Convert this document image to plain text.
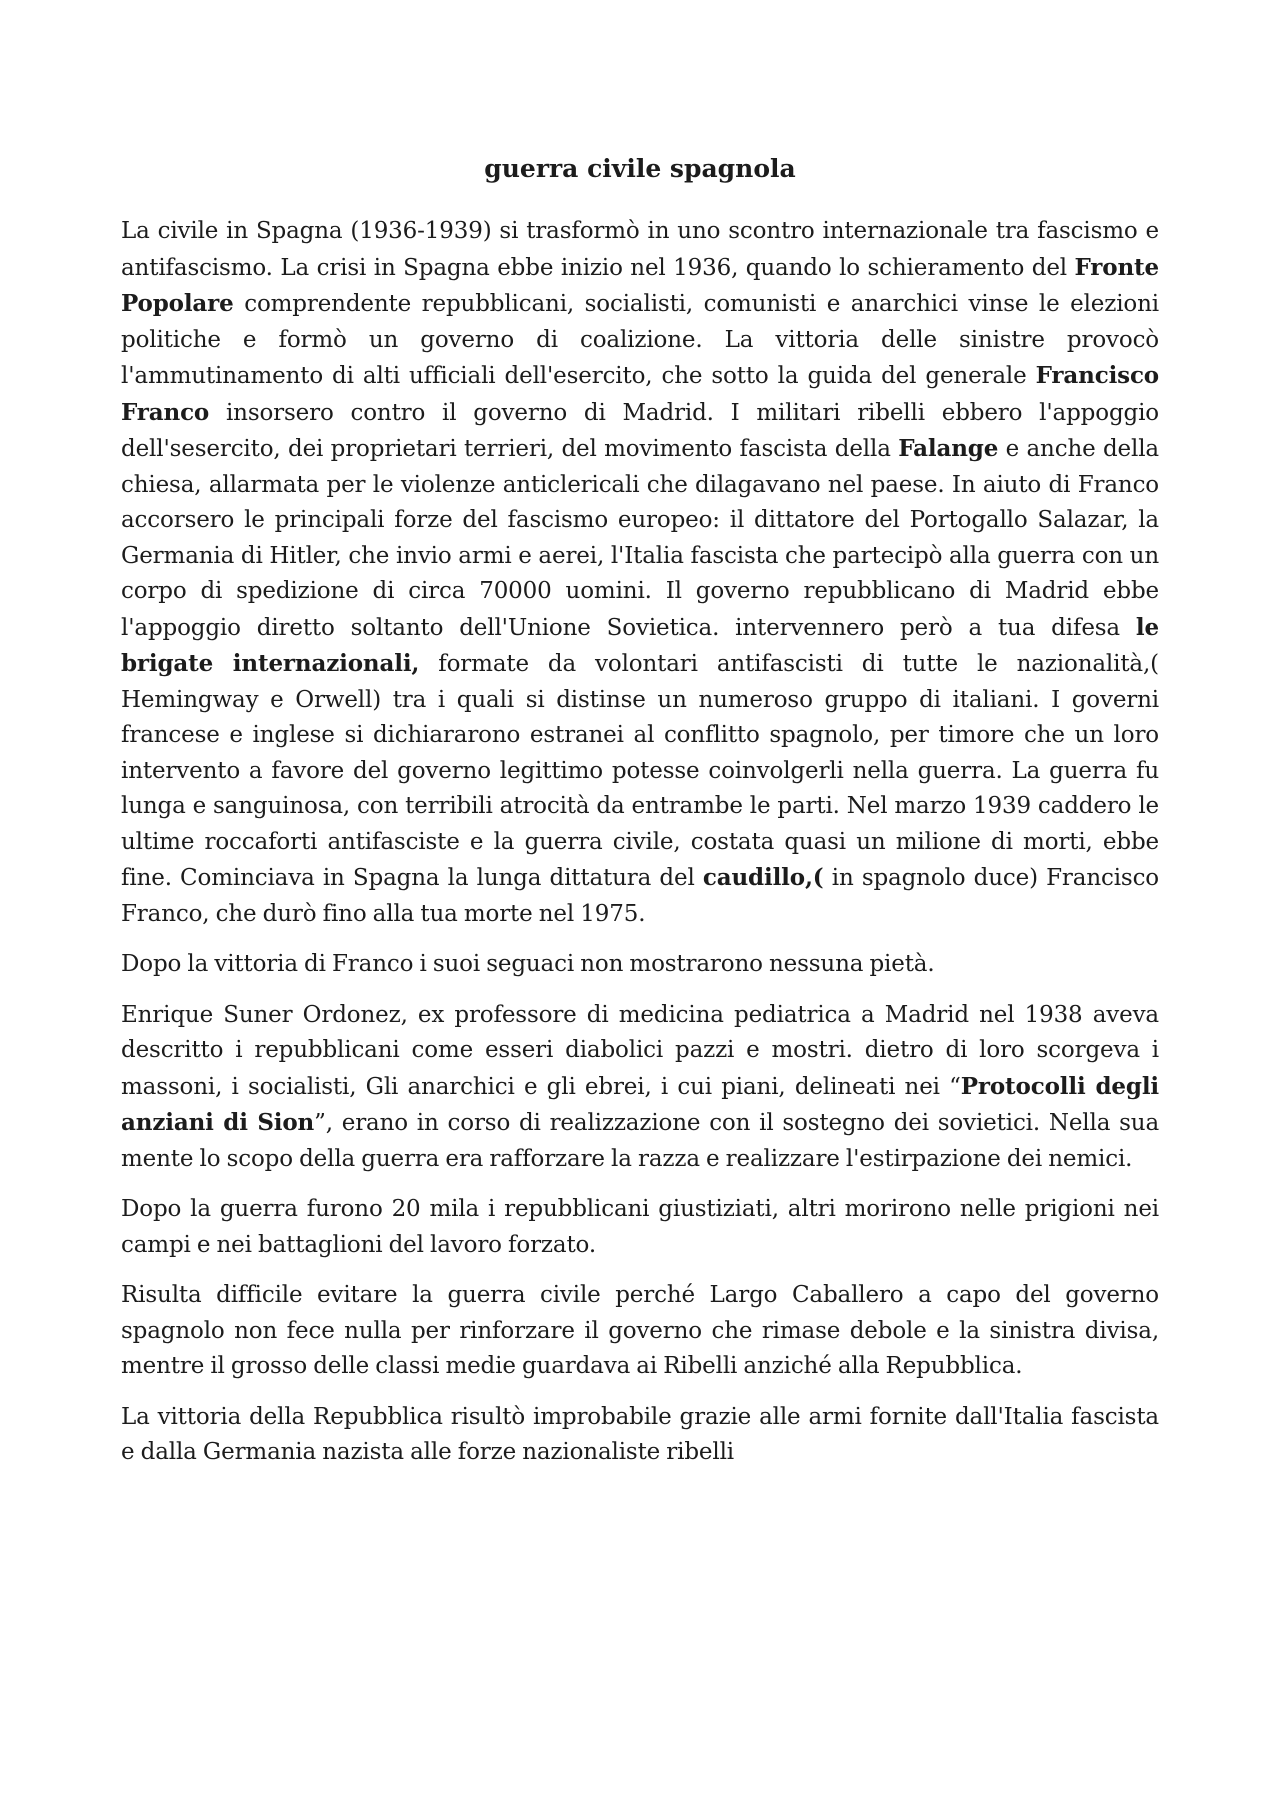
guerra civile spagnola

La civile in Spagna (1936-1939) si trasformò in uno scontro internazionale tra fascismo e antifascismo. La crisi in Spagna ebbe inizio nel 1936, quando lo schieramento del Fronte Popolare comprendente repubblicani, socialisti, comunisti e anarchici vinse le elezioni politiche e formò un governo di coalizione. La vittoria delle sinistre provocò l'ammutinamento di alti ufficiali dell'esercito, che sotto la guida del generale Francisco Franco insorsero contro il governo di Madrid. I militari ribelli ebbero l'appoggio dell'sesercito, dei proprietari terrieri, del movimento fascista della Falange e anche della chiesa, allarmata per le violenze anticlericali che dilagavano nel paese. In aiuto di Franco accorsero le principali forze del fascismo europeo: il dittatore del Portogallo Salazar, la Germania di Hitler, che invio armi e aerei, l'Italia fascista che partecipò alla guerra con un corpo di spedizione di circa 70000 uomini. Il governo repubblicano di Madrid ebbe l'appoggio diretto soltanto dell'Unione Sovietica. intervennero però a tua difesa le brigate internazionali, formate da volontari antifascisti di tutte le nazionalità,( Hemingway e Orwell) tra i quali si distinse un numeroso gruppo di italiani. I governi francese e inglese si dichiararono estranei al conflitto spagnolo, per timore che un loro intervento a favore del governo legittimo potesse coinvolgerli nella guerra. La guerra fu lunga e sanguinosa, con terribili atrocità da entrambe le parti. Nel marzo 1939 caddero le ultime roccaforti antifasciste e la guerra civile, costata quasi un milione di morti, ebbe fine. Cominciava in Spagna la lunga dittatura del caudillo,( in spagnolo duce) Francisco Franco, che durò fino alla tua morte nel 1975.

Dopo la vittoria di Franco i suoi seguaci non mostrarono nessuna pietà.

Enrique Suner Ordonez, ex professore di medicina pediatrica a Madrid nel 1938 aveva descritto i repubblicani come esseri diabolici pazzi e mostri. dietro di loro scorgeva i massoni, i socialisti, Gli anarchici e gli ebrei, i cui piani, delineati nei “Protocolli degli anziani di Sion”, erano in corso di realizzazione con il sostegno dei sovietici. Nella sua mente lo scopo della guerra era rafforzare la razza e realizzare l'estirpazione dei nemici.

Dopo la guerra furono 20 mila i repubblicani giustiziati, altri morirono nelle prigioni nei campi e nei battaglioni del lavoro forzato.

Risulta difficile evitare la guerra civile perché Largo Caballero a capo del governo spagnolo non fece nulla per rinforzare il governo che rimase debole e la sinistra divisa, mentre il grosso delle classi medie guardava ai Ribelli anziché alla Repubblica.

La vittoria della Repubblica risultò improbabile grazie alle armi fornite dall'Italia fascista e dalla Germania nazista alle forze nazionaliste ribelli
